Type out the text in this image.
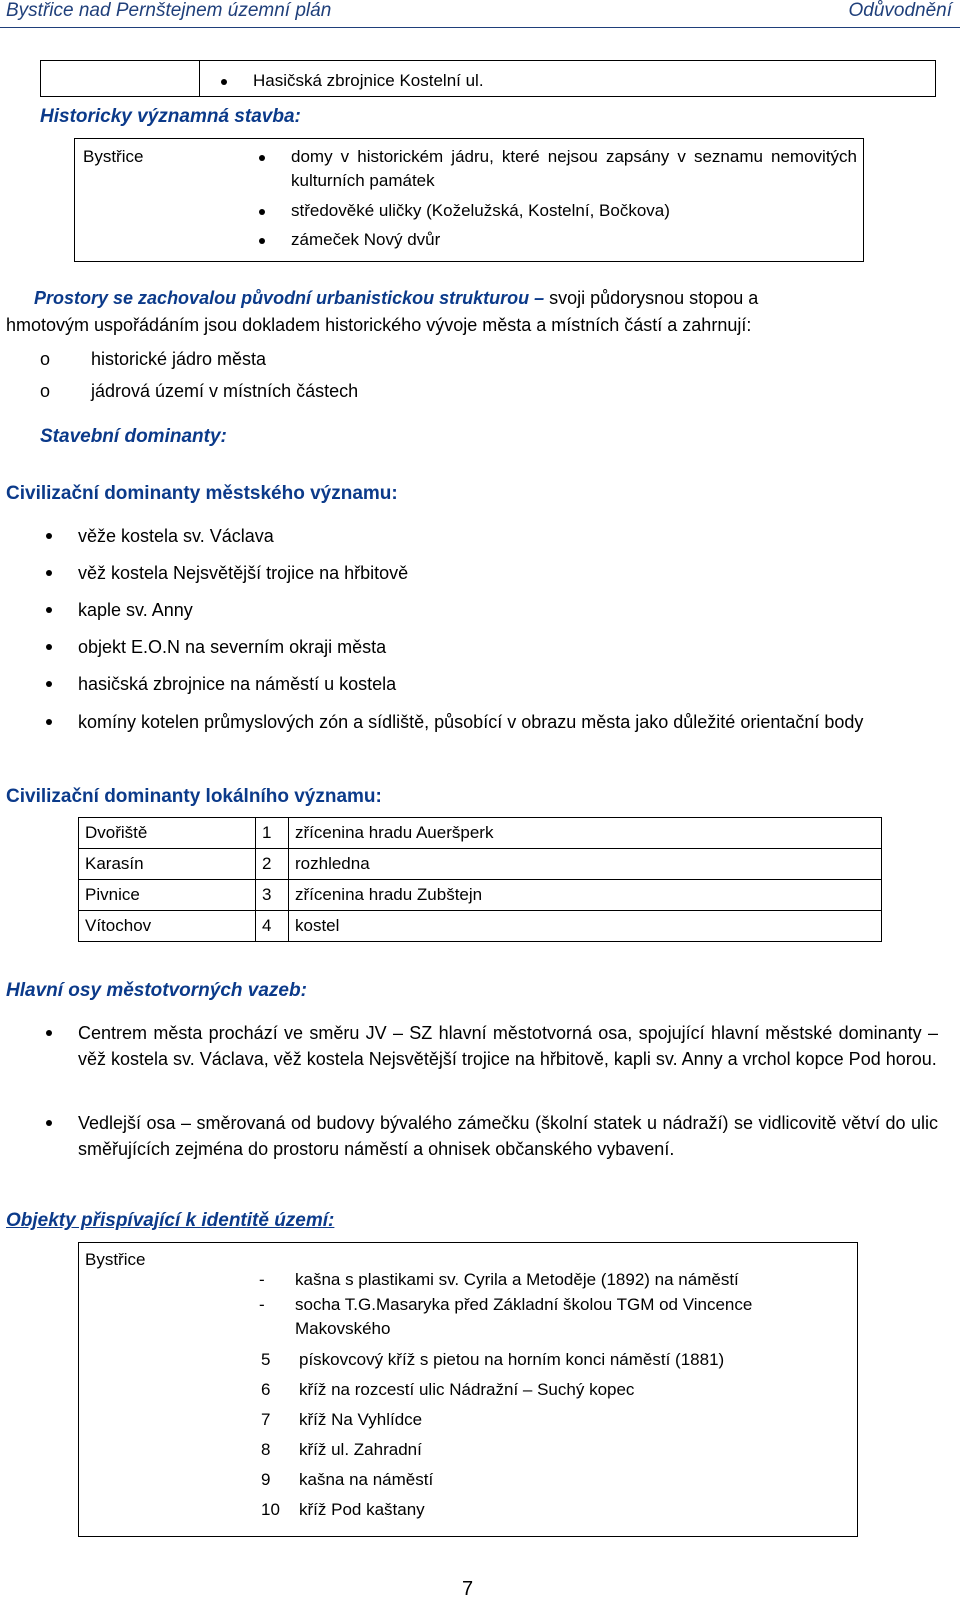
Bystřice nad Pernštejnem územní plán	Odůvodnění
Hasičská zbrojnice Kostelní ul.
Historicky významná stavba:
Bystřice	domy v historickém jádru, které nejsou zapsány v seznamu nemovitých kulturních památek
středověké uličky (Koželužská, Kostelní, Bočkova)
zámeček Nový dvůr
Prostory se zachovalou původní urbanistickou strukturou – svoji půdorysnou stopou a
hmotovým uspořádáním jsou dokladem historického vývoje města a místních částí a zahrnují:
o historické jádro města
o jádrová území v místních částech
Stavební dominanty:
Civilizační dominanty městského významu:
věže kostela sv. Václava
věž kostela Nejsvětější trojice na hřbitově
kaple sv. Anny
objekt E.O.N na severním okraji města
hasičská zbrojnice na náměstí u kostela
komíny kotelen průmyslových zón a sídliště, působící v obrazu města jako důležité orientační body
Civilizační dominanty lokálního významu:
Dvořiště	1	zřícenina hradu Aueršperk
Karasín	2	rozhledna
Pivnice	3	zřícenina hradu Zubštejn
Vítochov	4	kostel
Hlavní osy městotvorných vazeb:
Centrem města prochází ve směru JV – SZ hlavní městotvorná osa, spojující hlavní městské dominanty – věž kostela sv. Václava, věž kostela Nejsvětější trojice na hřbitově, kapli sv. Anny a vrchol kopce Pod horou.
Vedlejší osa – směrovaná od budovy bývalého zámečku (školní statek u nádraží) se vidlicovitě větví do ulic směřujících zejména do prostoru náměstí a ohnisek občanského vybavení.
Objekty přispívající k identitě území:
Bystřice
- kašna s plastikami sv. Cyrila a Metoděje (1892) na náměstí
- socha T.G.Masaryka před Základní školou TGM od Vincence Makovského
5 pískovcový kříž s pietou na horním konci náměstí (1881)
6 kříž na rozcestí ulic Nádražní – Suchý kopec
7 kříž Na Vyhlídce
8 kříž ul. Zahradní
9 kašna na náměstí
10 kříž Pod kaštany
7
